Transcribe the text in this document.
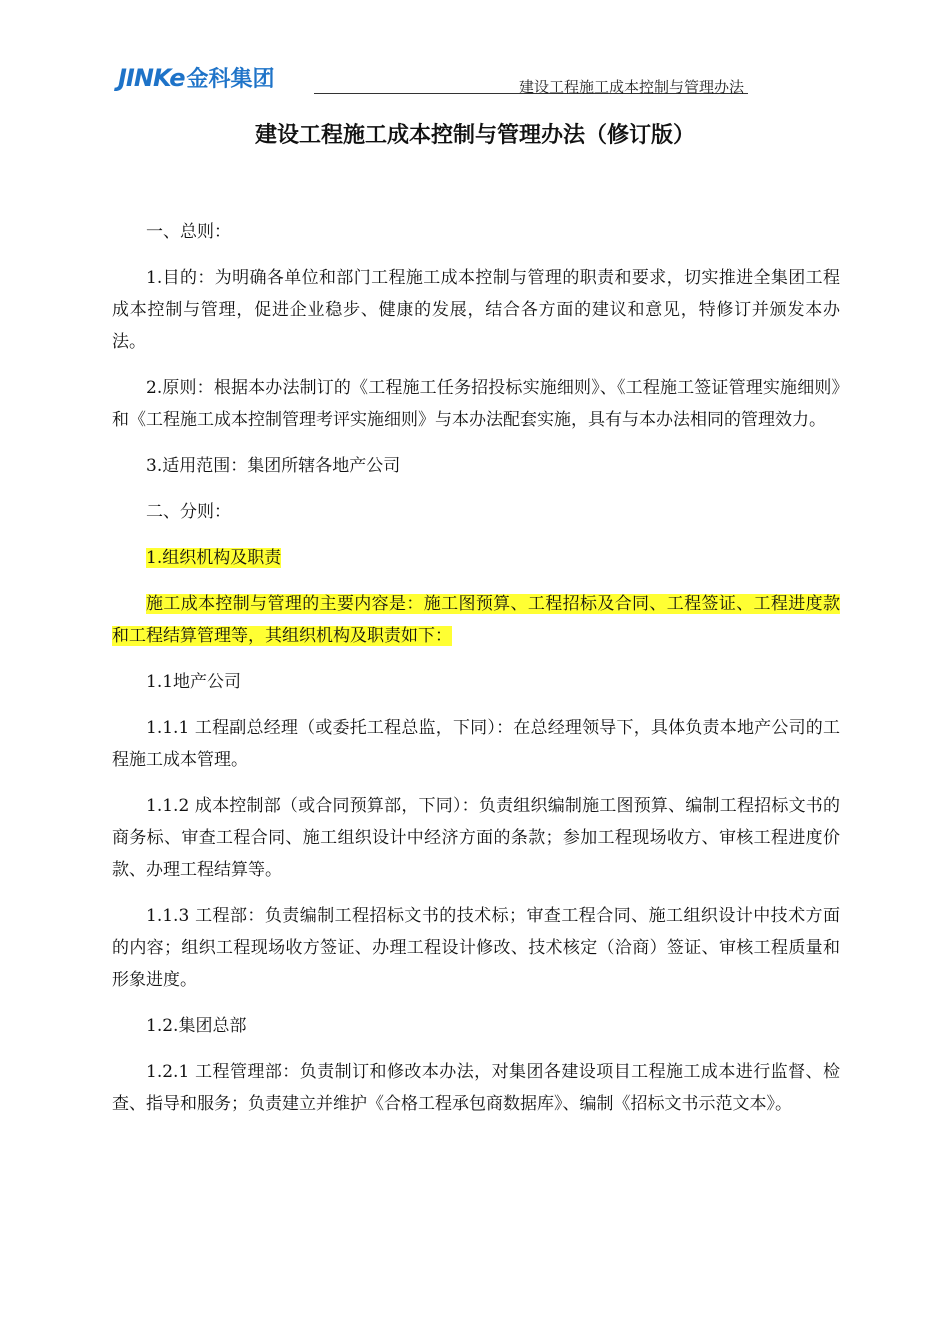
JINKe 金科集团	建设工程施工成本控制与管理办法
建设工程施工成本控制与管理办法（修订版）

一、总则：

1.目的：为明确各单位和部门工程施工成本控制与管理的职责和要求，切实推进全集团工程成本控制与管理，促进企业稳步、健康的发展，结合各方面的建议和意见，特修订并颁发本办法。

2.原则：根据本办法制订的《工程施工任务招投标实施细则》、《工程施工签证管理实施细则》和《工程施工成本控制管理考评实施细则》与本办法配套实施，具有与本办法相同的管理效力。

3.适用范围：集团所辖各地产公司

二、分则：

1.组织机构及职责

施工成本控制与管理的主要内容是：施工图预算、工程招标及合同、工程签证、工程进度款和工程结算管理等，其组织机构及职责如下：

1.1地产公司

1.1.1 工程副总经理（或委托工程总监，下同）：在总经理领导下，具体负责本地产公司的工程施工成本管理。

1.1.2 成本控制部（或合同预算部，下同）：负责组织编制施工图预算、编制工程招标文书的商务标、审查工程合同、施工组织设计中经济方面的条款；参加工程现场收方、审核工程进度价款、办理工程结算等。

1.1.3 工程部：负责编制工程招标文书的技术标；审查工程合同、施工组织设计中技术方面的内容；组织工程现场收方签证、办理工程设计修改、技术核定（洽商）签证、审核工程质量和形象进度。

1.2.集团总部

1.2.1 工程管理部：负责制订和修改本办法，对集团各建设项目工程施工成本进行监督、检查、指导和服务；负责建立并维护《合格工程承包商数据库》、编制《招标文书示范文本》。
